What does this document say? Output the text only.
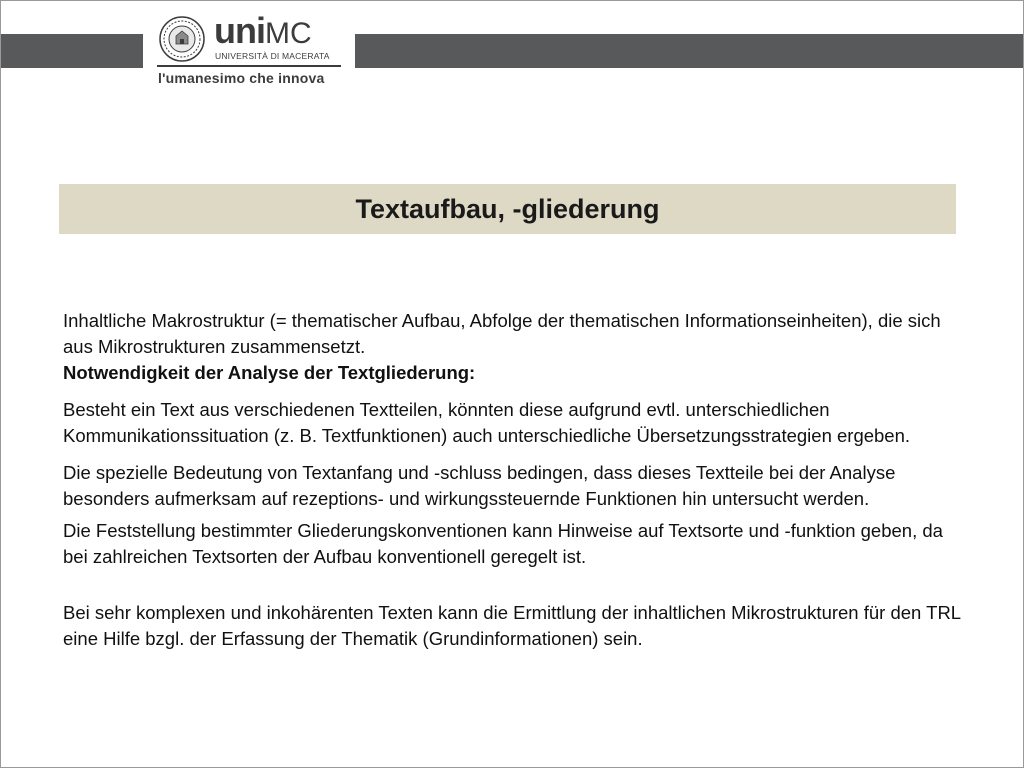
uniMC
UNIVERSITÀ DI MACERATA
l'umanesimo che innova
Textaufbau, -gliederung

Inhaltliche Makrostruktur (= thematischer Aufbau, Abfolge der thematischen Informationseinheiten), die sich aus Mikrostrukturen zusammensetzt.

Notwendigkeit der Analyse der Textgliederung:

Besteht ein Text aus verschiedenen Textteilen, könnten diese aufgrund evtl. unterschiedlichen Kommunikationssituation (z. B. Textfunktionen) auch unterschiedliche Übersetzungsstrategien ergeben.

Die spezielle Bedeutung von Textanfang und -schluss bedingen, dass dieses Textteile bei der Analyse besonders aufmerksam auf rezeptions- und wirkungssteuernde Funktionen hin untersucht werden.

Die Feststellung bestimmter Gliederungskonventionen kann Hinweise auf Textsorte und -funktion geben, da bei zahlreichen Textsorten der Aufbau konventionell geregelt ist.

Bei sehr komplexen und inkohärenten Texten kann die Ermittlung der inhaltlichen Mikrostrukturen für den TRL eine Hilfe bzgl. der Erfassung der Thematik (Grundinformationen) sein.
